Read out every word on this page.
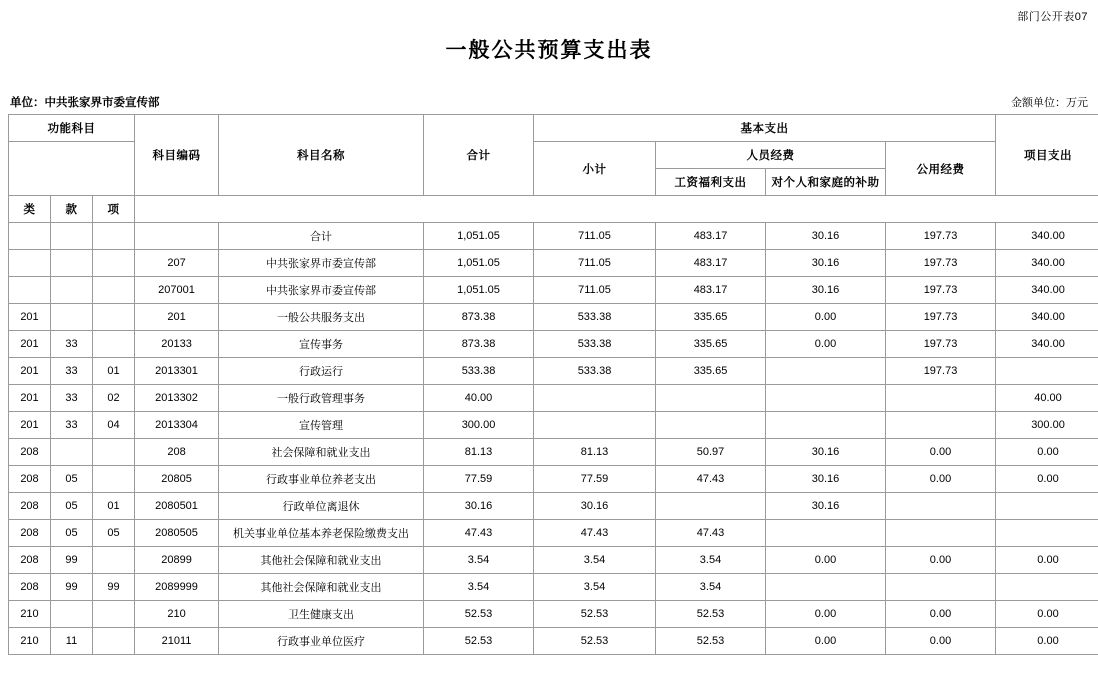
部门公开表07
一般公共预算支出表
单位：中共张家界市委宣传部	金额单位：万元
功能科目			科目编码	科目名称	合计	基本支出				项目支出
						小计	人员经费		公用经费	
							工资福利支出	对个人和家庭的补助		
类	款	项								
				合计	1,051.05	711.05	483.17	30.16	197.73	340.00
			207	中共张家界市委宣传部	1,051.05	711.05	483.17	30.16	197.73	340.00
			207001	中共张家界市委宣传部	1,051.05	711.05	483.17	30.16	197.73	340.00
201			201	一般公共服务支出	873.38	533.38	335.65	0.00	197.73	340.00
201	33		20133	宣传事务	873.38	533.38	335.65	0.00	197.73	340.00
201	33	01	2013301	行政运行	533.38	533.38	335.65		197.73	
201	33	02	2013302	一般行政管理事务	40.00					40.00
201	33	04	2013304	宣传管理	300.00					300.00
208			208	社会保障和就业支出	81.13	81.13	50.97	30.16	0.00	0.00
208	05		20805	行政事业单位养老支出	77.59	77.59	47.43	30.16	0.00	0.00
208	05	01	2080501	行政单位离退休	30.16	30.16		30.16		
208	05	05	2080505	机关事业单位基本养老保险缴费支出	47.43	47.43	47.43			
208	99		20899	其他社会保障和就业支出	3.54	3.54	3.54	0.00	0.00	0.00
208	99	99	2089999	其他社会保障和就业支出	3.54	3.54	3.54			
210			210	卫生健康支出	52.53	52.53	52.53	0.00	0.00	0.00
210	11		21011	行政事业单位医疗	52.53	52.53	52.53	0.00	0.00	0.00
